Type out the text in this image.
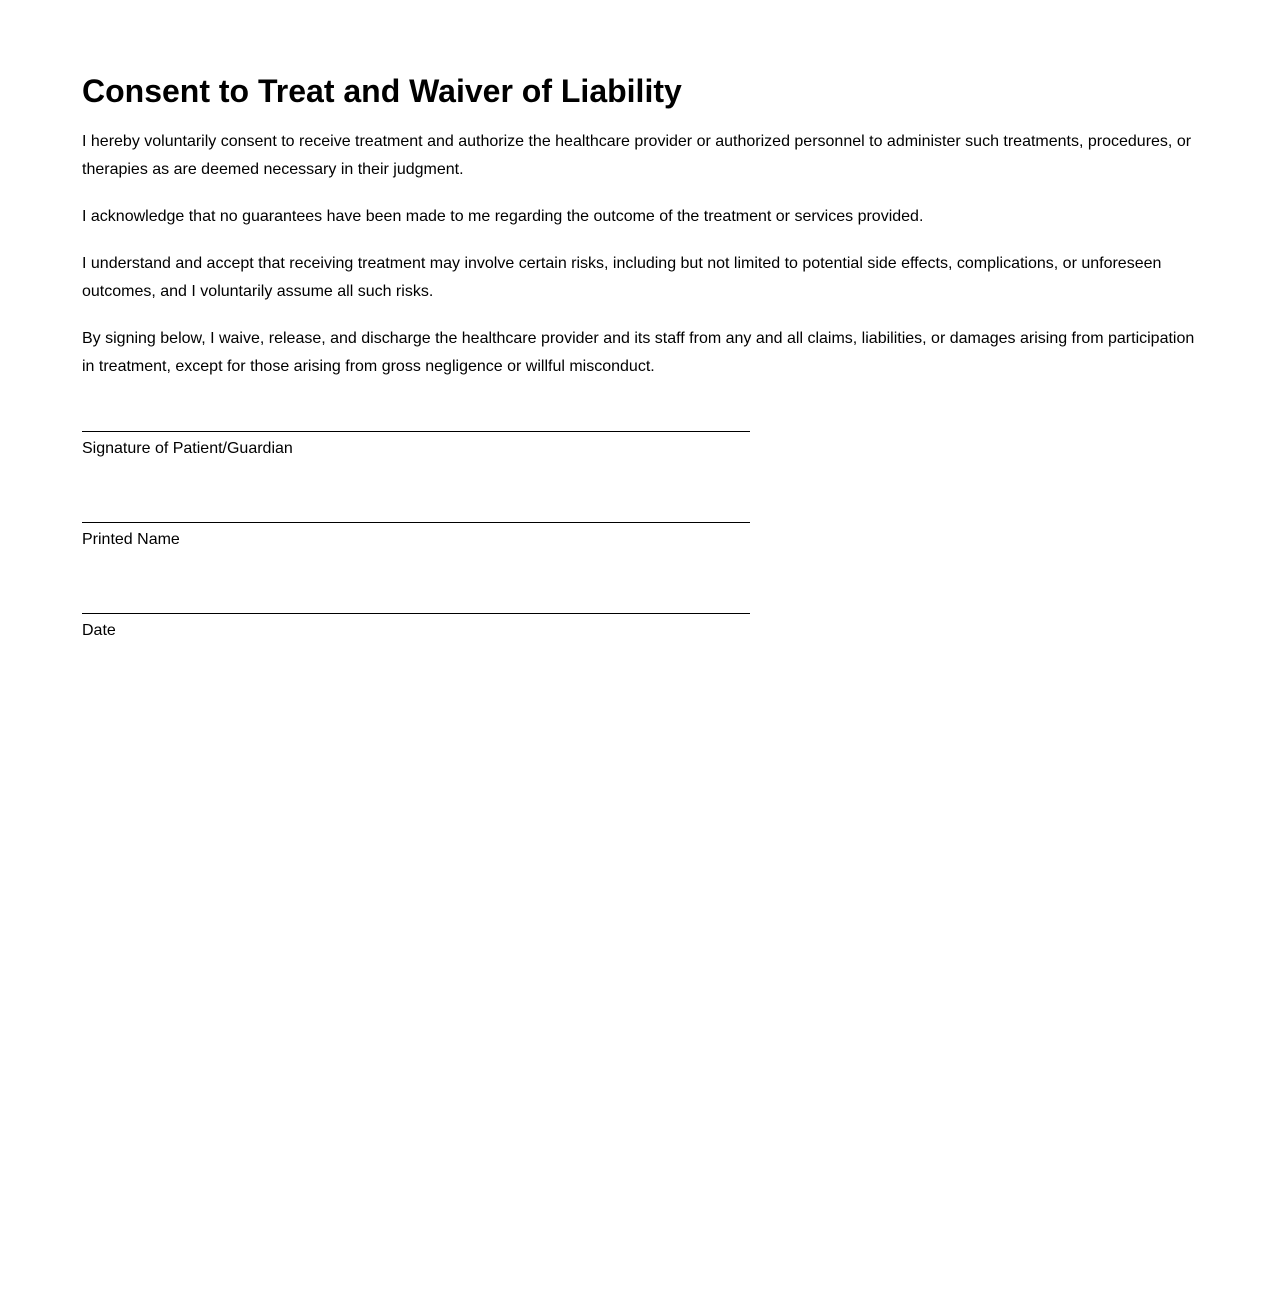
Consent to Treat and Waiver of Liability

I hereby voluntarily consent to receive treatment and authorize the healthcare provider or authorized personnel to administer such treatments, procedures, or therapies as are deemed necessary in their judgment.

I acknowledge that no guarantees have been made to me regarding the outcome of the treatment or services provided.

I understand and accept that receiving treatment may involve certain risks, including but not limited to potential side effects, complications, or unforeseen outcomes, and I voluntarily assume all such risks.

By signing below, I waive, release, and discharge the healthcare provider and its staff from any and all claims, liabilities, or damages arising from participation in treatment, except for those arising from gross negligence or willful misconduct.

Signature of Patient/Guardian
Printed Name
Date
